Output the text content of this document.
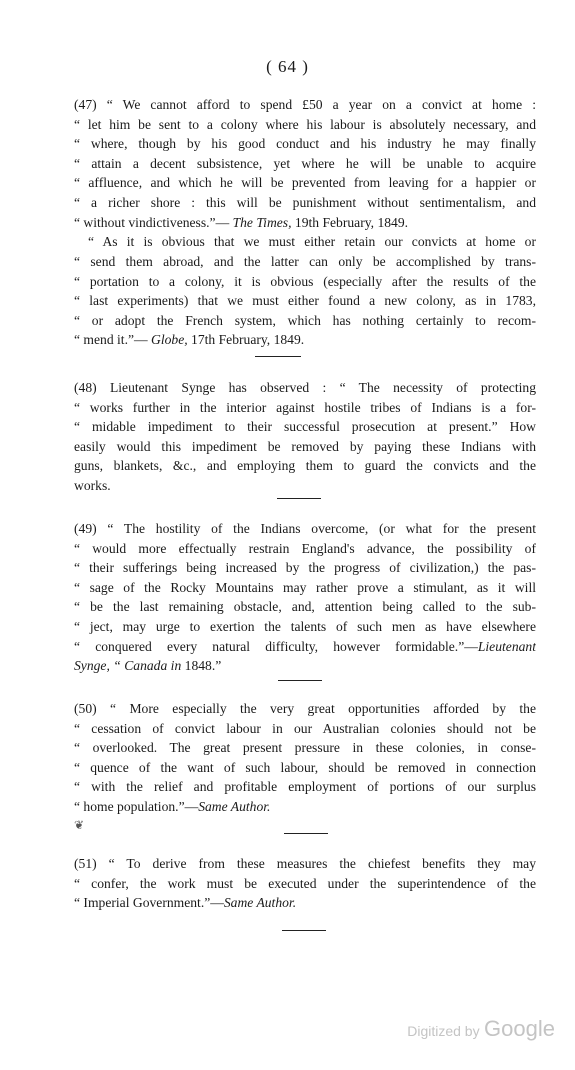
( 64 )
(47) “ We cannot afford to spend £50 a year on a convict at home :
“ let him be sent to a colony where his labour is absolutely necessary, and
“ where, though by his good conduct and his industry he may finally
“ attain a decent subsistence, yet where he will be unable to acquire
“ affluence, and which he will be prevented from leaving for a happier or
“ a richer shore : this will be punishment without sentimentalism, and
“ without vindictiveness.”— The Times, 19th February, 1849.
“ As it is obvious that we must either retain our convicts at home or
“ send them abroad, and the latter can only be accomplished by trans-
“ portation to a colony, it is obvious (especially after the results of the
“ last experiments) that we must either found a new colony, as in 1783,
“ or adopt the French system, which has nothing certainly to recom-
“ mend it.”— Globe, 17th February, 1849.
(48) Lieutenant Synge has observed : “ The necessity of protecting
“ works further in the interior against hostile tribes of Indians is a for-
“ midable impediment to their successful prosecution at present.” How
easily would this impediment be removed by paying these Indians with
guns, blankets, &c., and employing them to guard the convicts and the
works.
(49) “ The hostility of the Indians overcome, (or what for the present
“ would more effectually restrain England's advance, the possibility of
“ their sufferings being increased by the progress of civilization,) the pas-
“ sage of the Rocky Mountains may rather prove a stimulant, as it will
“ be the last remaining obstacle, and, attention being called to the sub-
“ ject, may urge to exertion the talents of such men as have elsewhere
“ conquered every natural difficulty, however formidable.”—Lieutenant
Synge, “ Canada in 1848.”
(50) “ More especially the very great opportunities afforded by the
“ cessation of convict labour in our Australian colonies should not be
“ overlooked. The great present pressure in these colonies, in conse-
“ quence of the want of such labour, should be removed in connection
“ with the relief and profitable employment of portions of our surplus
“ home population.”—Same Author.
❦
(51) “ To derive from these measures the chiefest benefits they may
“ confer, the work must be executed under the superintendence of the
“ Imperial Government.”—Same Author.
Digitized by Google
